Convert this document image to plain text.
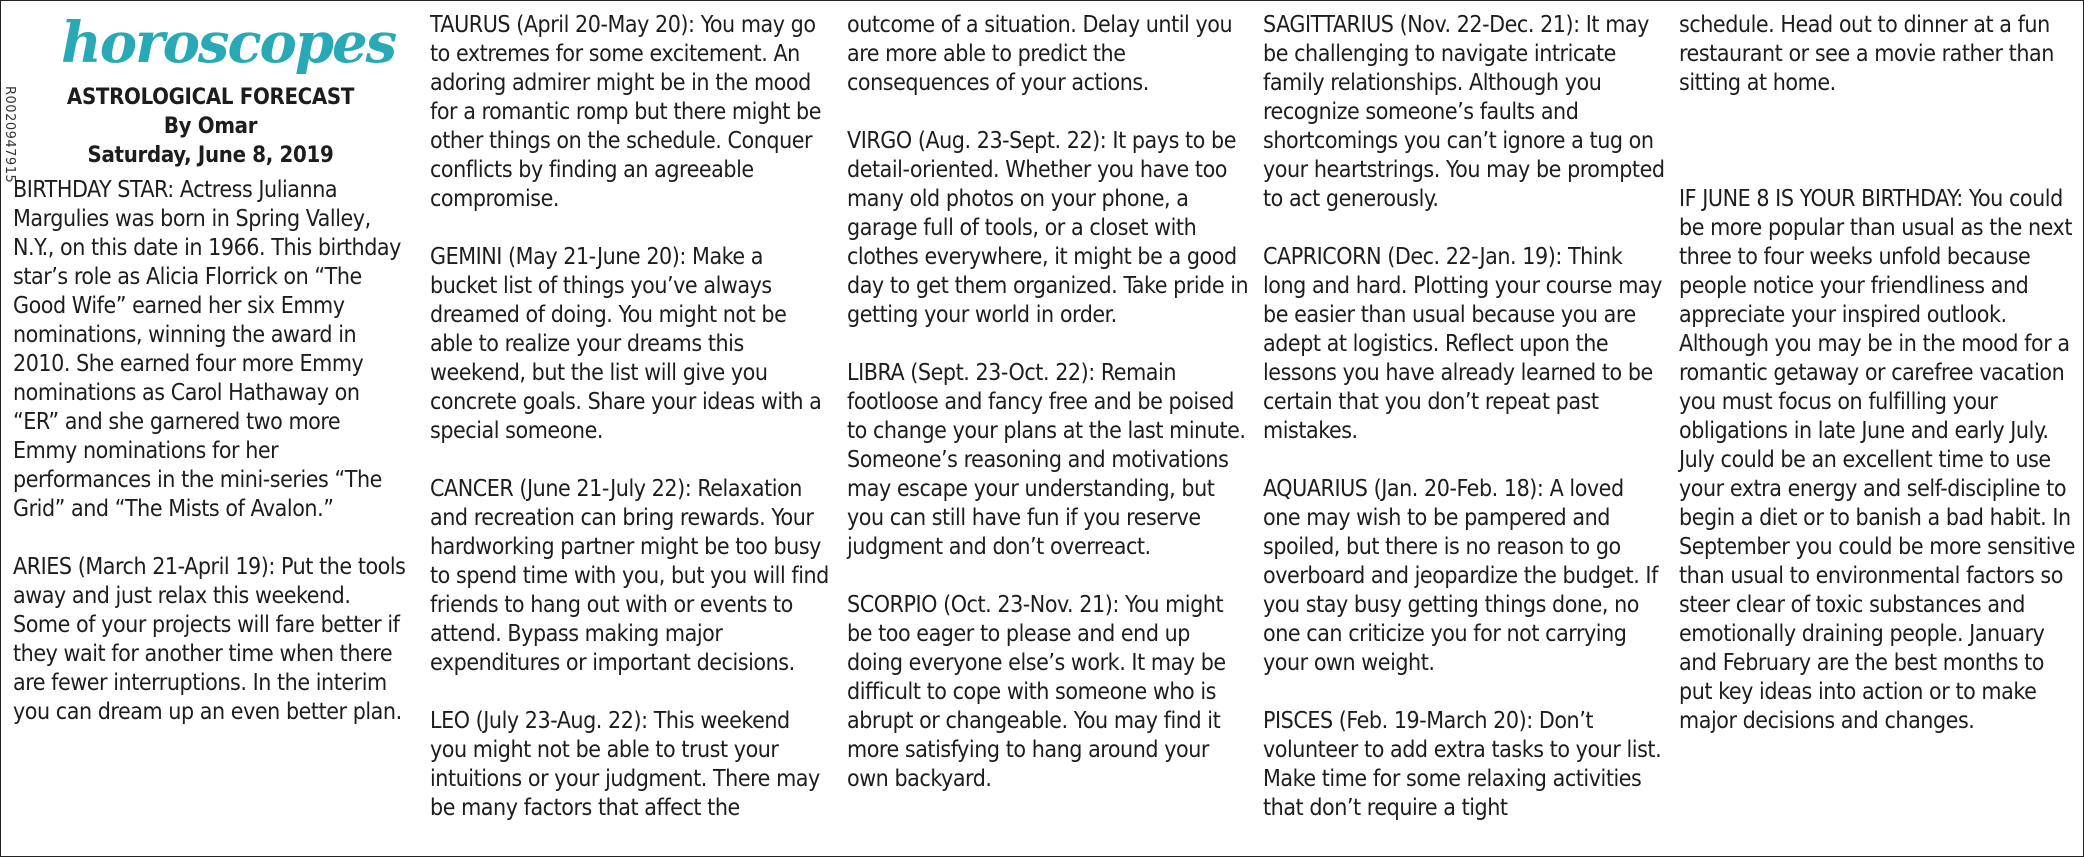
R002094791​5
horoscopes
ASTROLOGICAL FORECAST
By Omar
Saturday, June 8, 2019

BIRTHDAY STAR: Actress Julianna Margulies was born in Spring Valley, N.Y., on this date in 1966. This birthday star’s role as Alicia Florrick on “The Good Wife” earned her six Emmy nominations, winning the award in 2010. She earned four more Emmy nominations as Carol Hathaway on “ER” and she garnered two more Emmy nominations for her performances in the mini-series “The Grid” and “The Mists of Avalon.”

ARIES (March 21-April 19): Put the tools away and just relax this weekend. Some of your projects will fare better if they wait for another time when there are fewer interruptions. In the interim you can dream up an even better plan.

TAURUS (April 20-May 20): You may go to extremes for some excitement. An adoring admirer might be in the mood for a romantic romp but there might be other things on the schedule. Conquer conflicts by finding an agreeable compromise.

GEMINI (May 21-June 20): Make a bucket list of things you’ve always dreamed of doing. You might not be able to realize your dreams this weekend, but the list will give you concrete goals. Share your ideas with a special someone.

CANCER (June 21-July 22): Relaxation and recreation can bring rewards. Your hardworking partner might be too busy to spend time with you, but you will find friends to hang out with or events to attend. Bypass making major expenditures or important decisions.

LEO (July 23-Aug. 22): This weekend you might not be able to trust your intuitions or your judgment. There may be many factors that affect the

outcome of a situation. Delay until you are more able to predict the consequences of your actions.

VIRGO (Aug. 23-Sept. 22): It pays to be detail-oriented. Whether you have too many old photos on your phone, a garage full of tools, or a closet with clothes everywhere, it might be a good day to get them organized. Take pride in getting your world in order.

LIBRA (Sept. 23-Oct. 22): Remain footloose and fancy free and be poised to change your plans at the last minute. Someone’s reasoning and motivations may escape your understanding, but you can still have fun if you reserve judgment and don’t overreact.

SCORPIO (Oct. 23-Nov. 21): You might be too eager to please and end up doing everyone else’s work. It may be difficult to cope with someone who is abrupt or changeable. You may find it more satisfying to hang around your own backyard.

SAGITTARIUS (Nov. 22-Dec. 21): It may be challenging to navigate intricate family relationships. Although you recognize someone’s faults and shortcomings you can’t ignore a tug on your heartstrings. You may be prompted to act generously.

CAPRICORN (Dec. 22-Jan. 19): Think long and hard. Plotting your course may be easier than usual because you are adept at logistics. Reflect upon the lessons you have already learned to be certain that you don’t repeat past mistakes.

AQUARIUS (Jan. 20-Feb. 18): A loved one may wish to be pampered and spoiled, but there is no reason to go overboard and jeopardize the budget. If you stay busy getting things done, no one can criticize you for not carrying your own weight.

PISCES (Feb. 19-March 20): Don’t volunteer to add extra tasks to your list. Make time for some relaxing activities that don’t require a tight

schedule. Head out to dinner at a fun restaurant or see a movie rather than sitting at home.

IF JUNE 8 IS YOUR BIRTHDAY: You could be more popular than usual as the next three to four weeks unfold because people notice your friendliness and appreciate your inspired outlook. Although you may be in the mood for a romantic getaway or carefree vacation you must focus on fulfilling your obligations in late June and early July. July could be an excellent time to use your extra energy and self-discipline to begin a diet or to banish a bad habit. In September you could be more sensitive than usual to environmental factors so steer clear of toxic substances and emotionally draining people. January and February are the best months to put key ideas into action or to make major decisions and changes.
